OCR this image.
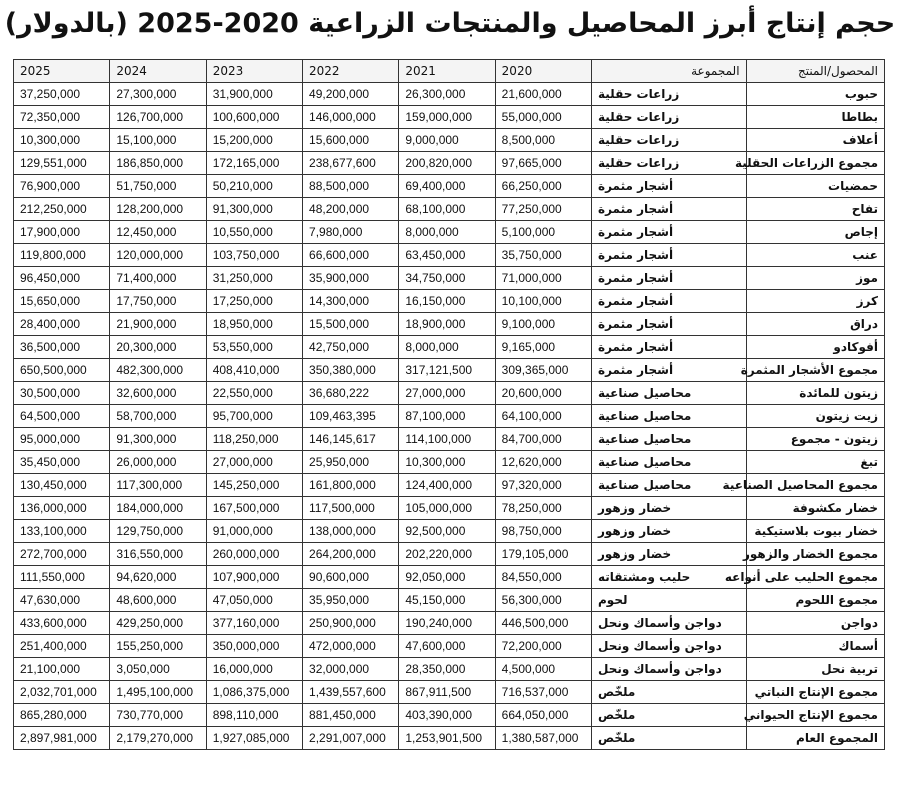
حجم إنتاج أبرز المحاصيل والمنتجات الزراعية 2020-2025 (بالدولار)
المحصول/المنتج	المجموعة	2020	2021	2022	2023	2024	2025
حبوب	زراعات حقلية	21,600,000	26,300,000	49,200,000	31,900,000	27,300,000	37,250,000
بطاطا	زراعات حقلية	55,000,000	159,000,000	146,000,000	100,600,000	126,700,000	72,350,000
أعلاف	زراعات حقلية	8,500,000	9,000,000	15,600,000	15,200,000	15,100,000	10,300,000
مجموع الزراعات الحقلية	زراعات حقلية	97,665,000	200,820,000	238,677,600	172,165,000	186,850,000	129,551,000
حمضيات	أشجار مثمرة	66,250,000	69,400,000	88,500,000	50,210,000	51,750,000	76,900,000
تفاح	أشجار مثمرة	77,250,000	68,100,000	48,200,000	91,300,000	128,200,000	212,250,000
إجاص	أشجار مثمرة	5,100,000	8,000,000	7,980,000	10,550,000	12,450,000	17,900,000
عنب	أشجار مثمرة	35,750,000	63,450,000	66,600,000	103,750,000	120,000,000	119,800,000
موز	أشجار مثمرة	71,000,000	34,750,000	35,900,000	31,250,000	71,400,000	96,450,000
كرز	أشجار مثمرة	10,100,000	16,150,000	14,300,000	17,250,000	17,750,000	15,650,000
دراق	أشجار مثمرة	9,100,000	18,900,000	15,500,000	18,950,000	21,900,000	28,400,000
أفوكادو	أشجار مثمرة	9,165,000	8,000,000	42,750,000	53,550,000	20,300,000	36,500,000
مجموع الأشجار المثمرة	أشجار مثمرة	309,365,000	317,121,500	350,380,000	408,410,000	482,300,000	650,500,000
زيتون للمائدة	محاصيل صناعية	20,600,000	27,000,000	36,680,222	22,550,000	32,600,000	30,500,000
زيت زيتون	محاصيل صناعية	64,100,000	87,100,000	109,463,395	95,700,000	58,700,000	64,500,000
زيتون - مجموع	محاصيل صناعية	84,700,000	114,100,000	146,145,617	118,250,000	91,300,000	95,000,000
تبغ	محاصيل صناعية	12,620,000	10,300,000	25,950,000	27,000,000	26,000,000	35,450,000
مجموع المحاصيل الصناعية	محاصيل صناعية	97,320,000	124,400,000	161,800,000	145,250,000	117,300,000	130,450,000
خضار مكشوفة	خضار وزهور	78,250,000	105,000,000	117,500,000	167,500,000	184,000,000	136,000,000
خضار بيوت بلاستيكية	خضار وزهور	98,750,000	92,500,000	138,000,000	91,000,000	129,750,000	133,100,000
مجموع الخضار والزهور	خضار وزهور	179,105,000	202,220,000	264,200,000	260,000,000	316,550,000	272,700,000
مجموع الحليب على أنواعه	حليب ومشتقاته	84,550,000	92,050,000	90,600,000	107,900,000	94,620,000	111,550,000
مجموع اللحوم	لحوم	56,300,000	45,150,000	35,950,000	47,050,000	48,600,000	47,630,000
دواجن	دواجن وأسماك ونحل	446,500,000	190,240,000	250,900,000	377,160,000	429,250,000	433,600,000
أسماك	دواجن وأسماك ونحل	72,200,000	47,600,000	472,000,000	350,000,000	155,250,000	251,400,000
تربية نحل	دواجن وأسماك ونحل	4,500,000	28,350,000	32,000,000	16,000,000	3,050,000	21,100,000
مجموع الإنتاج النباتي	ملخّص	716,537,000	867,911,500	1,439,557,600	1,086,375,000	1,495,100,000	2,032,701,000
مجموع الإنتاج الحيواني	ملخّص	664,050,000	403,390,000	881,450,000	898,110,000	730,770,000	865,280,000
المجموع العام	ملخّص	1,380,587,000	1,253,901,500	2,291,007,000	1,927,085,000	2,179,270,000	2,897,981,000
